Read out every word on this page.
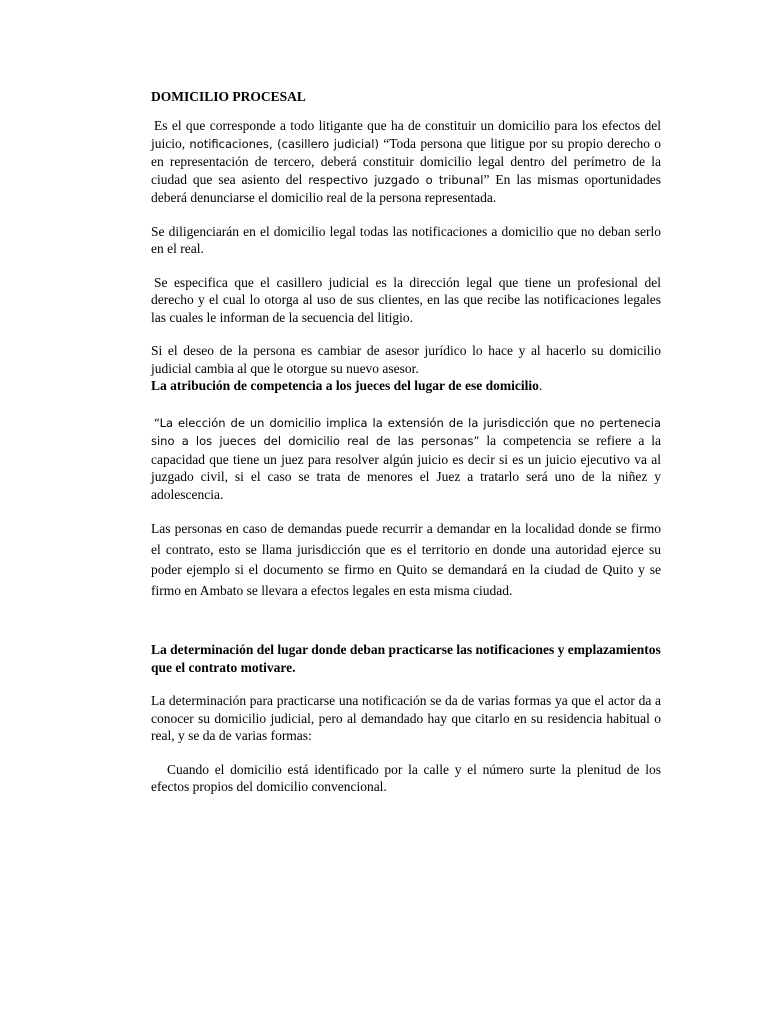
DOMICILIO PROCESAL

Es el que corresponde a todo litigante que ha de constituir un domicilio para los efectos del juicio, notificaciones, (casillero judicial) “Toda persona que litigue por su propio derecho o en representación de tercero, deberá constituir domicilio legal dentro del perímetro de la ciudad que sea asiento del respectivo juzgado o tribunal” En las mismas oportunidades deberá denunciarse el domicilio real de la persona representada.

Se diligenciarán en el domicilio legal todas las notificaciones a domicilio que no deban serlo en el real.

Se especifica que el casillero judicial es la dirección legal que tiene un profesional del derecho y el cual lo otorga al uso de sus clientes, en las que recibe las notificaciones legales las cuales le informan de la secuencia del litigio.

Si el deseo de la persona es cambiar de asesor jurídico lo hace y al hacerlo su domicilio judicial cambia al que le otorgue su nuevo asesor.

La atribución de competencia a los jueces del lugar de ese domicilio.

“La elección de un domicilio implica la extensión de la jurisdicción que no pertenecia sino a los jueces del domicilio real de las personas” la competencia se refiere a la capacidad que tiene un juez para resolver algún juicio es decir si es un juicio ejecutivo va al juzgado civil, si el caso se trata de menores el Juez a tratarlo será uno de la niñez y adolescencia.

Las personas en caso de demandas puede recurrir a demandar en la localidad donde se firmo el contrato, esto se llama jurisdicción que es el territorio en donde una autoridad ejerce su poder ejemplo si el documento se firmo en Quito se demandará en la ciudad de Quito y se firmo en Ambato se llevara a efectos legales en esta misma ciudad.

La determinación del lugar donde deban practicarse las notificaciones y emplazamientos que el contrato motivare.

La determinación para practicarse una notificación se da de varias formas ya que el actor da a conocer su domicilio judicial, pero al demandado hay que citarlo en su residencia habitual o real, y se da de varias formas:

Cuando el domicilio está identificado por la calle y el número surte la plenitud de los efectos propios del domicilio convencional.
